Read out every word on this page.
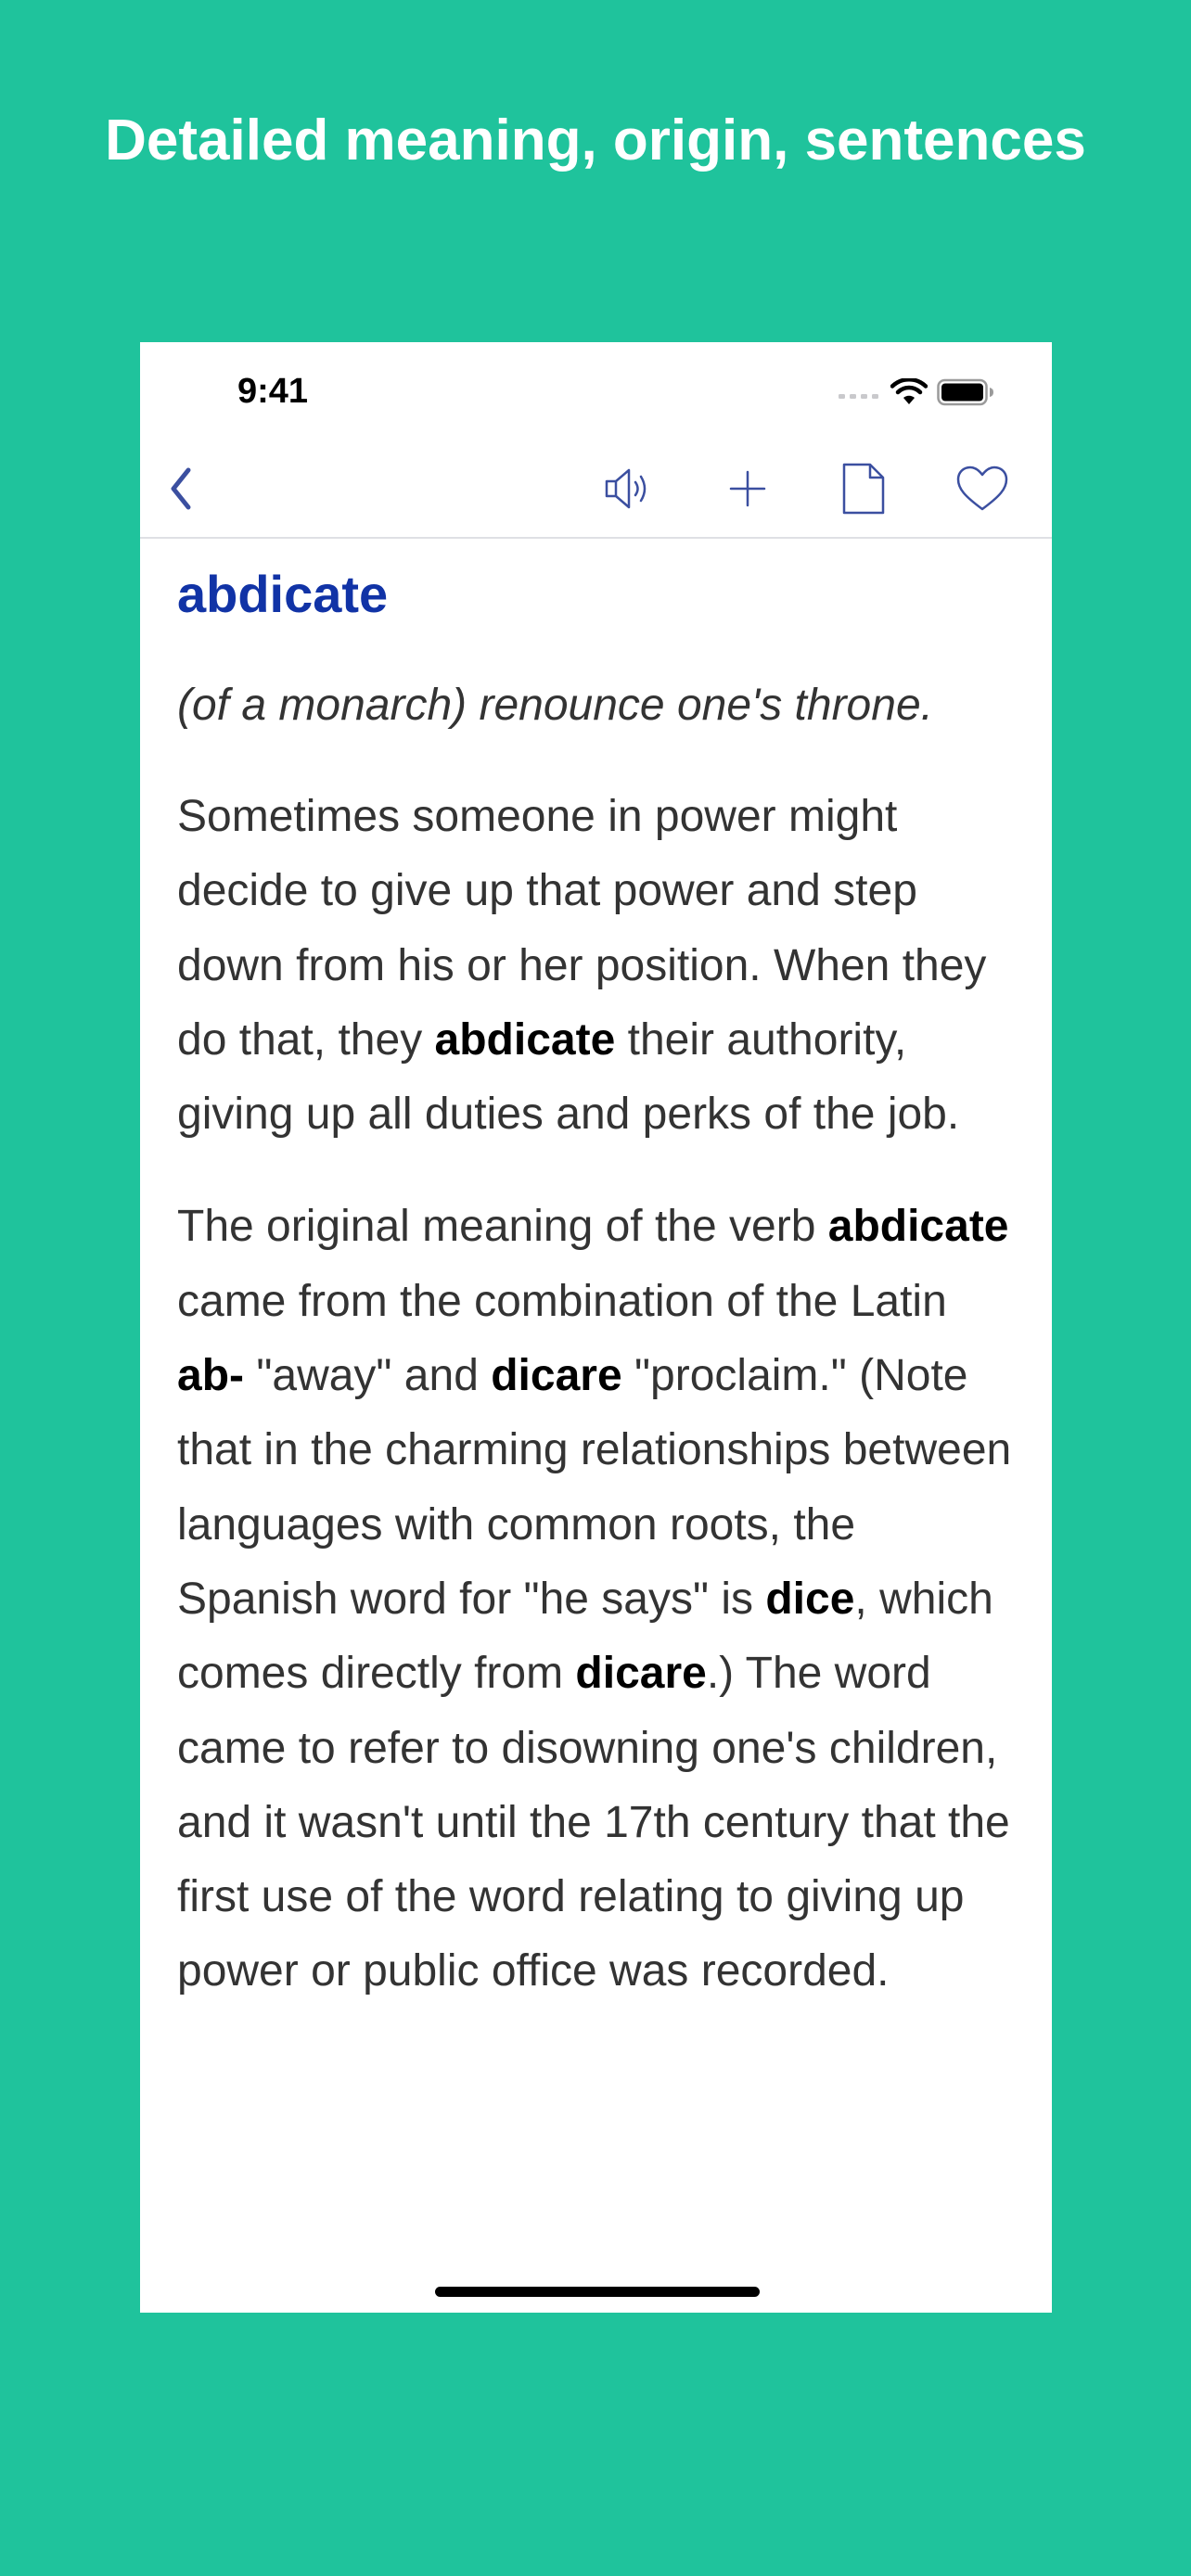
Detailed meaning, origin, sentences
9:41
abdicate
(of a monarch) renounce one's throne.

Sometimes someone in power might decide to give up that power and step down from his or her position. When they do that, they abdicate their authority, giving up all duties and perks of the job.

The original meaning of the verb abdicate came from the combination of the Latin ab- "away" and dicare "proclaim." (Note that in the charming relationships between languages with common roots, the Spanish word for "he says" is dice, which comes directly from dicare.) The word came to refer to disowning one's children, and it wasn't until the 17th century that the first use of the word relating to giving up power or public office was recorded.
